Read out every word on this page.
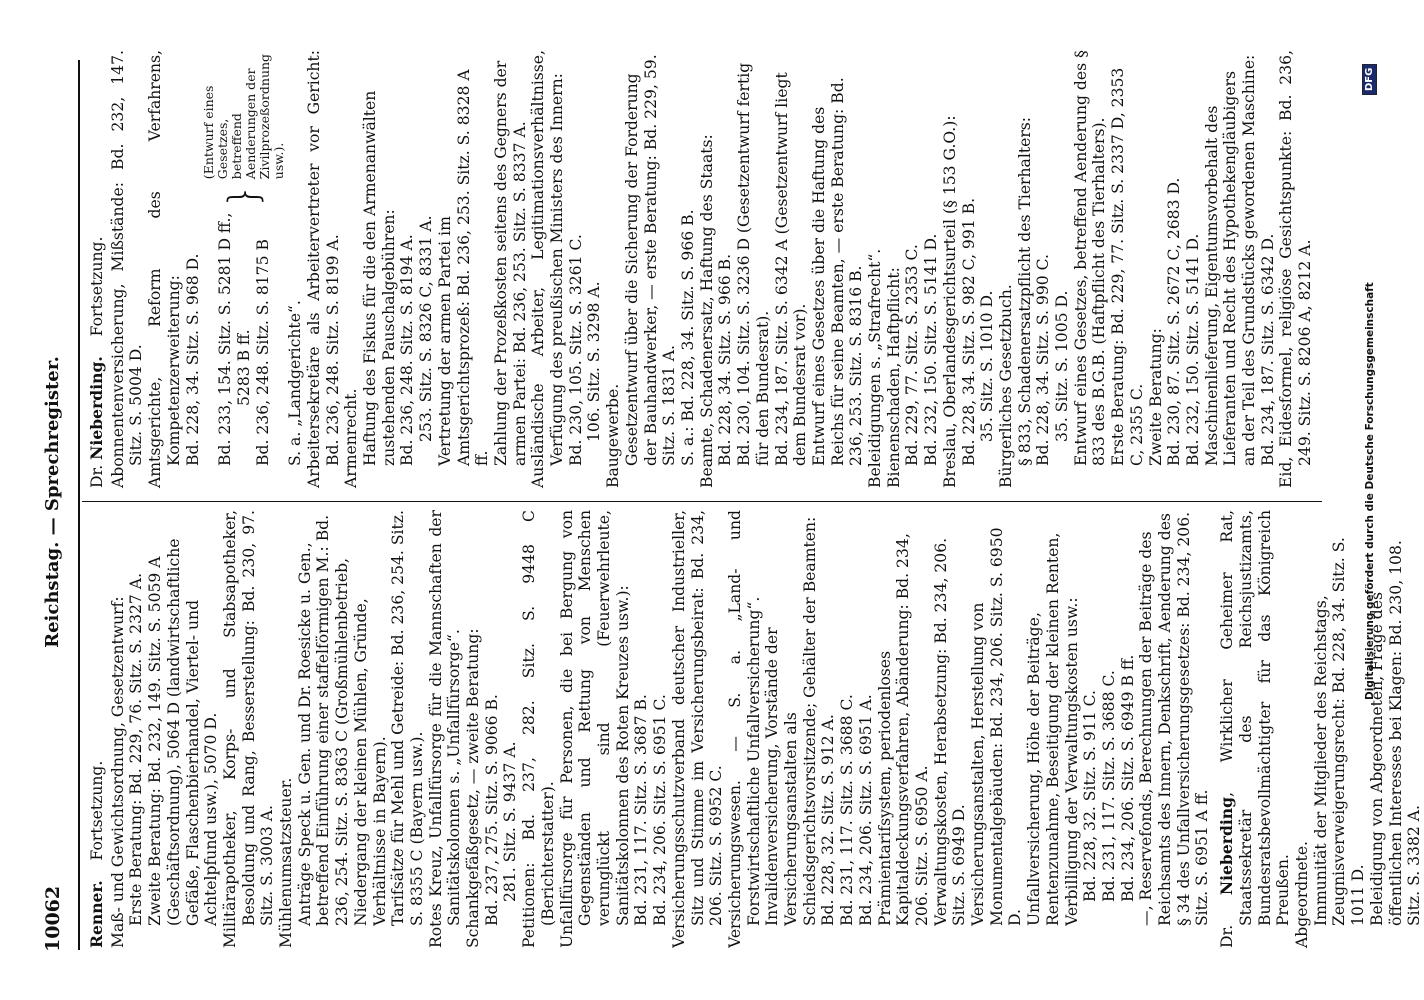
10062
Reichstag. — Sprechregister.

Renner.    Fortsetzung. Maß- und Gewichtsordnung, Gesetzentwurf: Erste Beratung: Bd. 229, 76. Sitz. S. 2327 A. Zweite Beratung: Bd. 232, 149. Sitz. S. 5059 A (Geschäftsordnung), 5064 D (landwirtschaftliche Gefäße, Flaschenbierhandel, Viertel- und Achtelpfund usw.), 5070 D. Militärapotheker, Korps- und Stabsapotheker, Besoldung und Rang, Besserstellung: Bd. 230, 97. Sitz. S. 3003 A. Mühlenumsatzsteuer. Anträge Speck u. Gen. und Dr. Roesicke u. Gen., betreffend Einführung einer staffelförmigen M.: Bd. 236, 254. Sitz. S. 8363 C (Großmühlenbetrieb, Niedergang der kleinen Mühlen, Gründe, Verhältnisse in Bayern). Tarifsätze für Mehl und Getreide: Bd. 236, 254. Sitz. S. 8355 C (Bayern usw.). Rotes Kreuz, Unfallfürsorge für die Mannschaften der Sanitätskolonnen s. „Unfallfürsorge“. Schankgefäßgesetz, — zweite Beratung: Bd. 237, 275. Sitz. S. 9066 B. 281. Sitz. S. 9437 A. Petitionen: Bd. 237, 282. Sitz. S. 9448 C (Berichterstatter). Unfallfürsorge für Personen, die bei Bergung von Gegenständen und Rettung von Menschen verunglückt sind (Feuerwehrleute, Sanitätskolonnen des Roten Kreuzes usw.): Bd. 231, 117. Sitz. S. 3687 B. Bd. 234, 206. Sitz. S. 6951 C. Versicherungsschutzverband deutscher Industrieller, Sitz und Stimme im Versicherungsbeirat: Bd. 234, 206. Sitz. S. 6952 C. Versicherungswesen. — S. a. „Land- und Forstwirtschaftliche Unfallversicherung“. Invalidenversicherung, Vorstände der Versicherungsanstalten als Schiedsgerichtsvorsitzende; Gehälter der Beamten: Bd. 228, 32. Sitz. S. 912 A. Bd. 231, 117. Sitz. S. 3688 C. Bd. 234, 206. Sitz. S. 6951 A. Prämientarifsystem, periodenloses Kapitaldeckungsverfahren, Abänderung: Bd. 234, 206. Sitz. S. 6950 A. Verwaltungskosten, Herabsetzung: Bd. 234, 206. Sitz. S. 6949 D. Versicherungsanstalten, Herstellung von Monumentalgebäuden: Bd. 234, 206. Sitz. S. 6950 D. Unfallversicherung, Höhe der Beiträge, Rentenzunahme, Beseitigung der kleinen Renten, Verbilligung der Verwaltungskosten usw.: Bd. 228, 32. Sitz. S. 911 C. Bd. 231, 117. Sitz. S. 3688 C. Bd. 234, 206. Sitz. S. 6949 B ff. —, Reservefonds, Berechnungen der Beiträge des Reichsamts des Innern, Denkschrift, Aenderung des § 34 des Unfallversicherungsgesetzes: Bd. 234, 206. Sitz. S. 6951 A ff. Dr. Nieberding, Wirklicher Geheimer Rat, Staatssekretär des Reichsjustizamts, Bundesratsbevollmächtigter für das Königreich Preußen. Abgeordnete. Immunität der Mitglieder des Reichstags, Zeugnisverweigerungsrecht: Bd. 228, 34. Sitz. S. 1011 D. Beleidigung von Abgeordneten, Frage des öffentlichen Interesses bei Klagen: Bd. 230, 108. Sitz. S. 3382 A.

Dr. Nieberding.    Fortsetzung. Abonnentenversicherung, Mißstände: Bd. 232, 147. Sitz. S. 5004 D. Amtsgerichte, Reform des Verfahrens, Kompetenzerweiterung: Bd. 228, 34. Sitz. S. 968 D. Bd. 233, 154. Sitz. S. 5281 D ff., 5283 B ff. Bd. 236, 248. Sitz. S. 8175 B
}
(Entwurf eines Gesetzes, betreffend Aenderungen der Zivilprozeßordnung usw.).

S. a. „Landgerichte“. Arbeitersekretäre als Arbeitervertreter vor Gericht: Bd. 236, 248. Sitz. S. 8199 A. Armenrecht. Haftung des Fiskus für die den Armenanwälten zustehenden Pauschalgebühren: Bd. 236, 248. Sitz. S. 8194 A. 253. Sitz. S. 8326 C, 8331 A. Vertretung der armen Partei im Amtsgerichtsprozeß: Bd. 236, 253. Sitz. S. 8328 A ff. Zahlung der Prozeßkosten seitens des Gegners der armen Partei: Bd. 236, 253. Sitz. S. 8337 A. Ausländische Arbeiter, Legitimationsverhältnisse, Verfügung des preußischen Ministers des Innern: Bd. 230, 105. Sitz. S. 3261 C. 106. Sitz. S. 3298 A. Baugewerbe. Gesetzentwurf über die Sicherung der Forderung der Bauhandwerker, — erste Beratung: Bd. 229, 59. Sitz. S. 1831 A. S. a.: Bd. 228, 34. Sitz. S. 966 B. Beamte, Schadenersatz, Haftung des Staats: Bd. 228, 34. Sitz. S. 966 B. Bd. 230, 104. Sitz. S. 3236 D (Gesetzentwurf fertig für den Bundesrat). Bd. 234, 187. Sitz. S. 6342 A (Gesetzentwurf liegt dem Bundesrat vor). Entwurf eines Gesetzes über die Haftung des Reichs für seine Beamten, — erste Beratung: Bd. 236, 253. Sitz. S. 8316 B. Beleidigungen s. „Strafrecht“. Bienenschaden, Haftpflicht: Bd. 229, 77. Sitz. S. 2353 C. Bd. 232, 150. Sitz. S. 5141 D. Breslau, Oberlandesgerichtsurteil (§ 153 G.O.): Bd. 228, 34. Sitz. S. 982 C, 991 B. 35. Sitz. S. 1010 D. Bürgerliches Gesetzbuch. § 833, Schadenersatzpflicht des Tierhalters: Bd. 228, 34. Sitz. S. 990 C. 35. Sitz. S. 1005 D. Entwurf eines Gesetzes, betreffend Aenderung des § 833 des B.G.B. (Haftpflicht des Tierhalters). Erste Beratung: Bd. 229, 77. Sitz. S. 2337 D, 2353 C, 2355 C. Zweite Beratung: Bd. 230, 87. Sitz. S. 2672 C, 2683 D. Bd. 232, 150. Sitz. S. 5141 D. Maschinenlieferung, Eigentumsvorbehalt des Lieferanten und Recht des Hypothekengläubigers an der Teil des Grundstücks gewordenen Maschine: Bd. 234, 187. Sitz. S. 6342 D. Eid, Eidesformel, religiöse Gesichtspunkte: Bd. 236, 249. Sitz. S. 8206 A, 8212 A.	Digitalisierung gefördert durch die Deutsche Forschungsgemeinschaft
DFG
